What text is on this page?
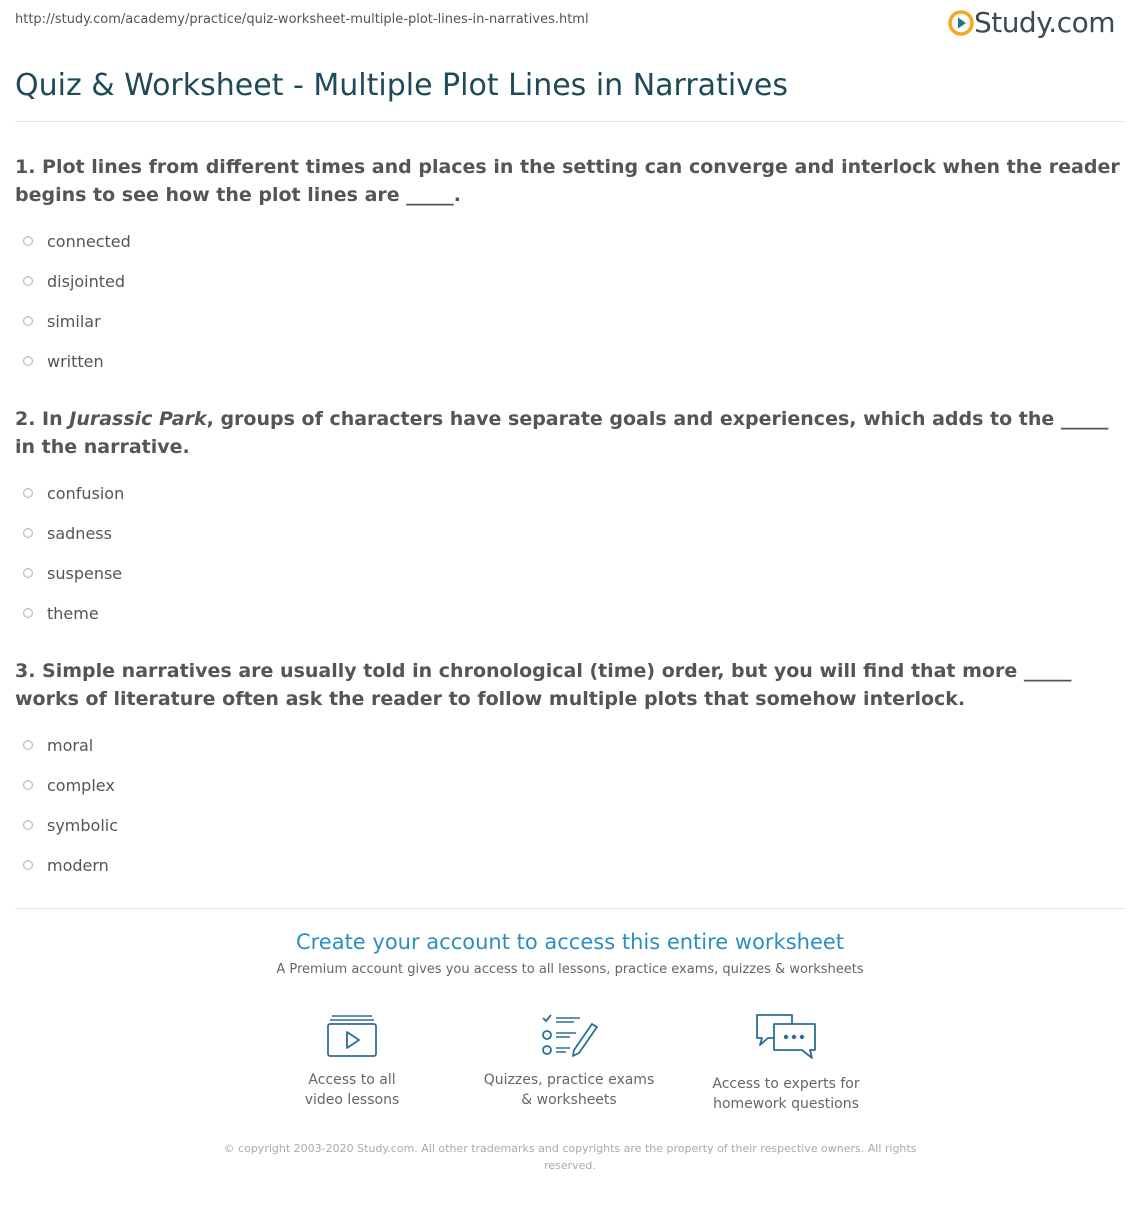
http://study.com/academy/practice/quiz-worksheet-multiple-plot-lines-in-narratives.html	Study.com
Quiz & Worksheet - Multiple Plot Lines in Narratives

1. Plot lines from different times and places in the setting can converge and interlock when the reader begins to see how the plot lines are _____.

connected
disjointed
similar
written

2. In Jurassic Park, groups of characters have separate goals and experiences, which adds to the _____ in the narrative.

confusion
sadness
suspense
theme

3. Simple narratives are usually told in chronological (time) order, but you will find that more _____ works of literature often ask the reader to follow multiple plots that somehow interlock.

moral
complex
symbolic
modern

Create your account to access this entire worksheet

A Premium account gives you access to all lessons, practice exams, quizzes & worksheets
Access to all
video lessons
Quizzes, practice exams
& worksheets
Access to experts for
homework questions
© copyright 2003-2020 Study.com. All other trademarks and copyrights are the property of their respective owners. All rights reserved.
